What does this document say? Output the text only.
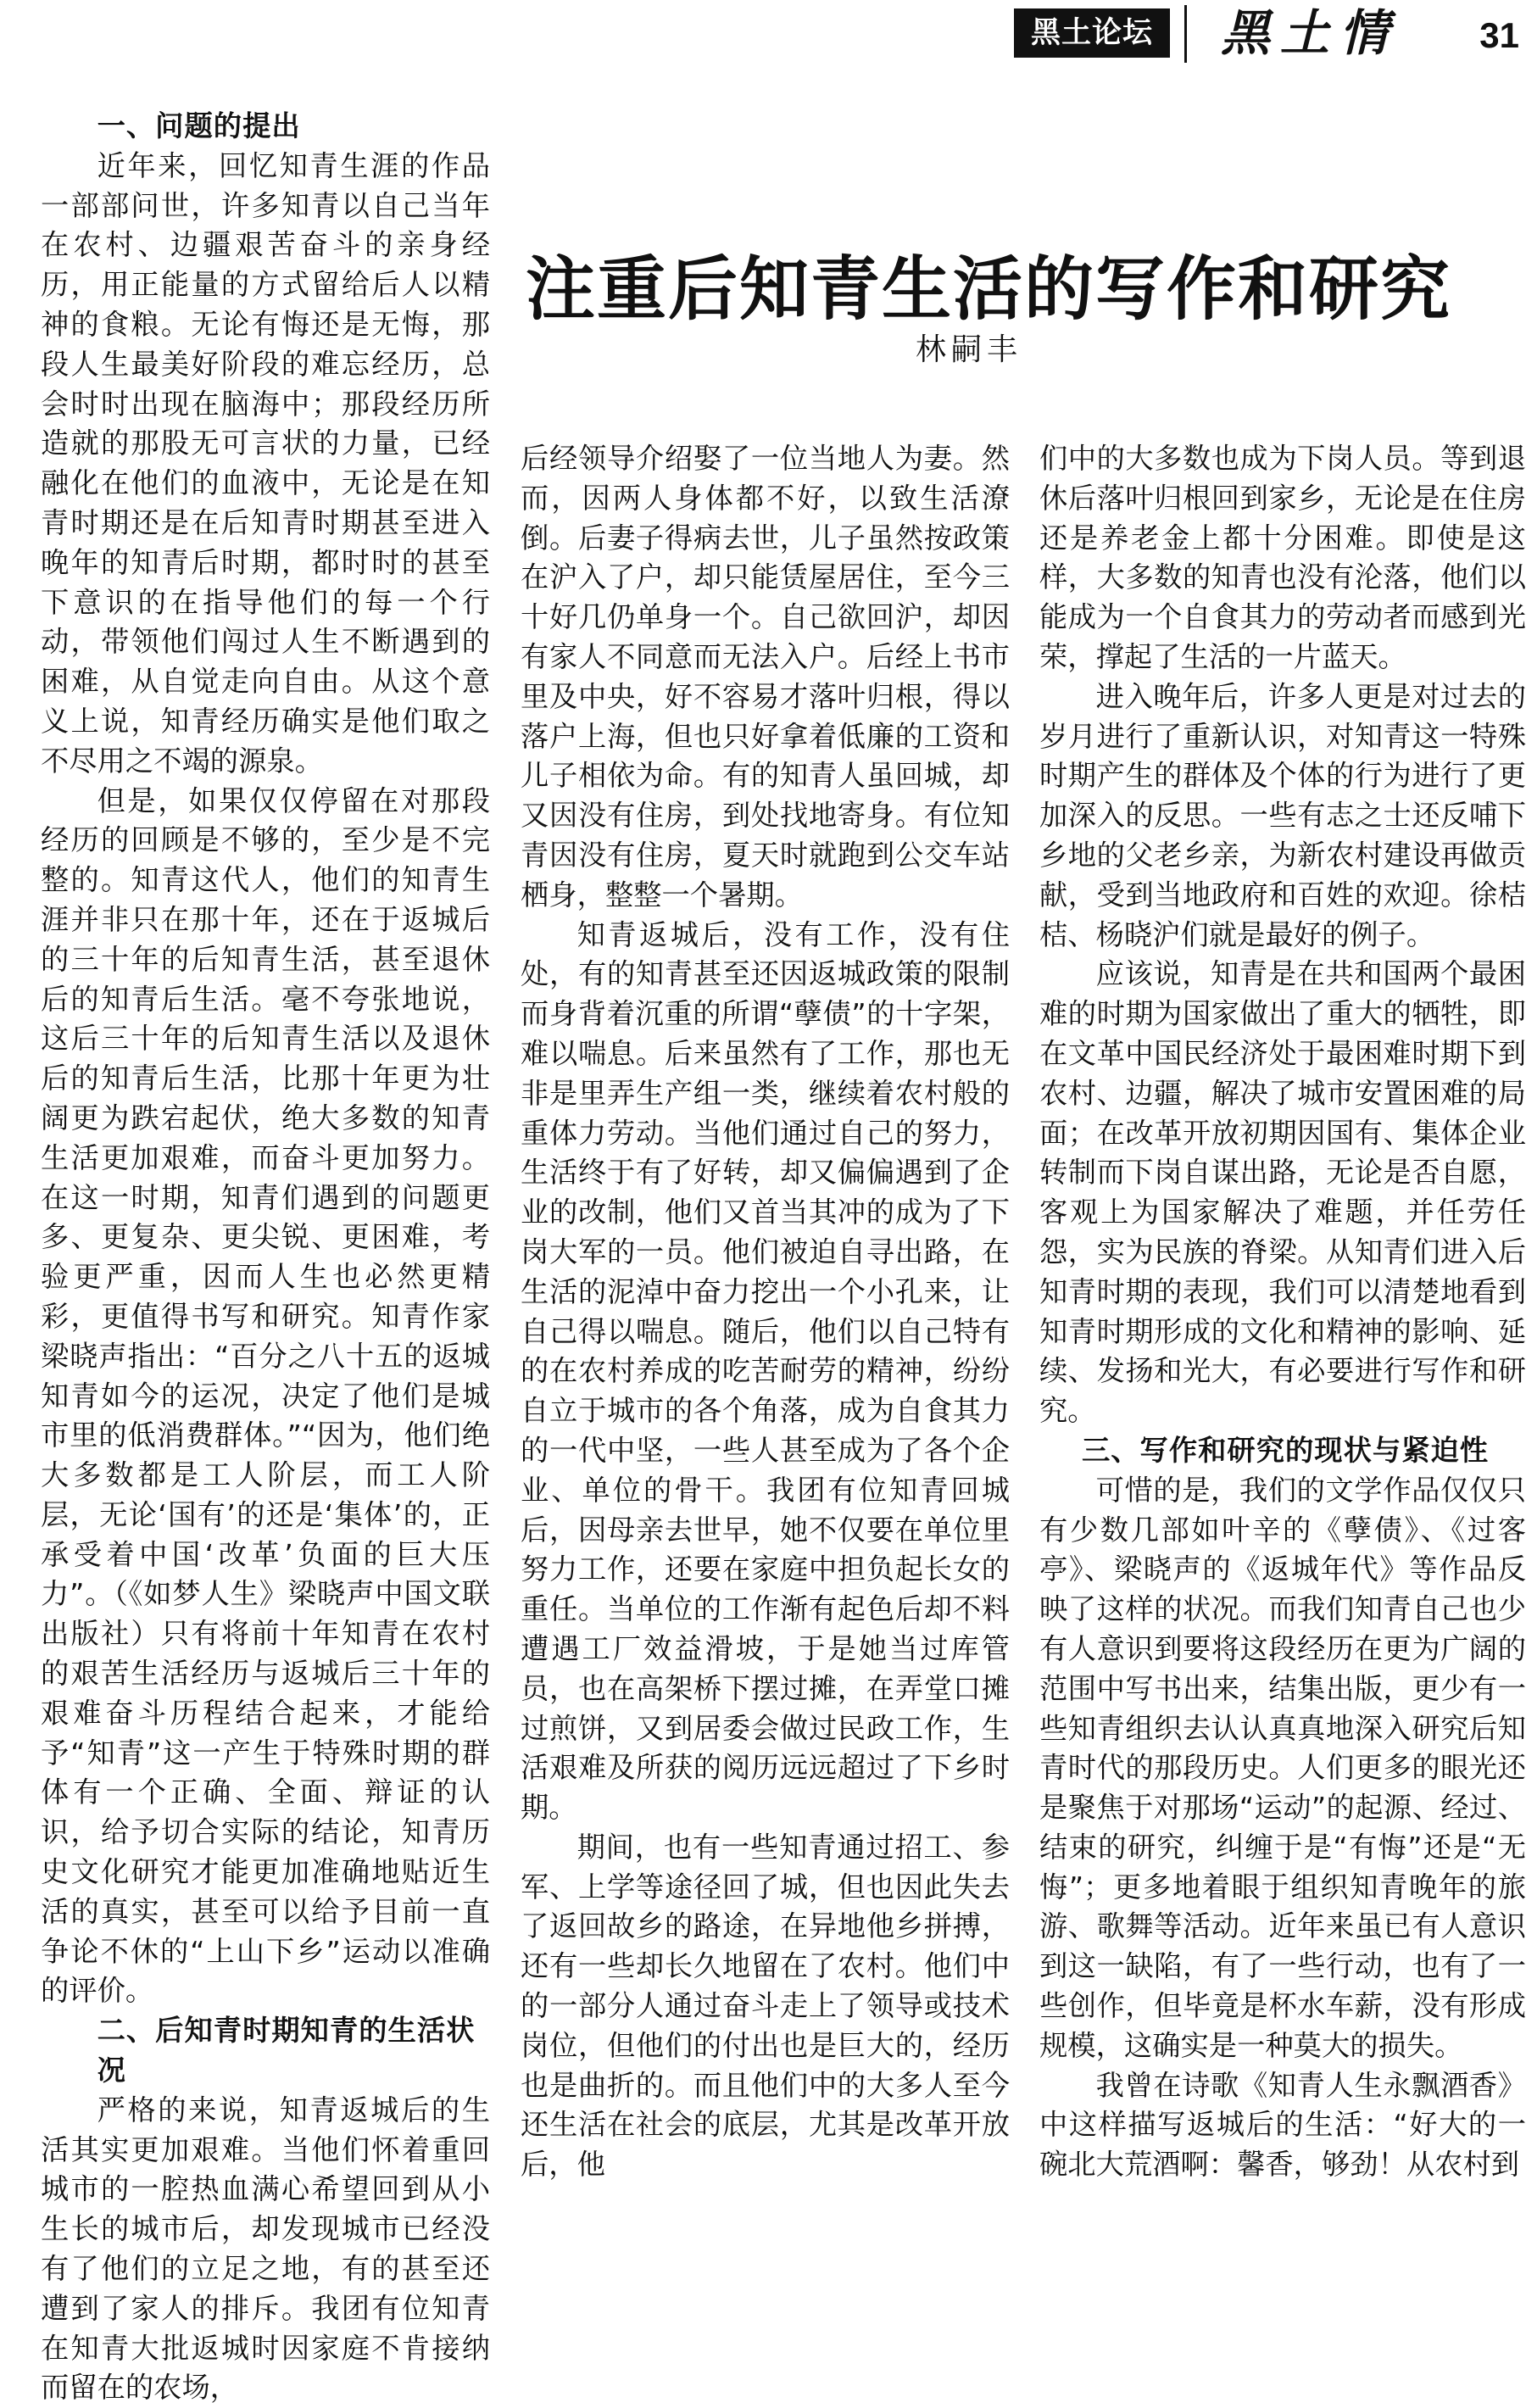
黑土论坛	黑土情	31
注重后知青生活的写作和研究
林嗣丰
一、问题的提出

近年来，回忆知青生涯的作品一部部问世，许多知青以自己当年在农村、边疆艰苦奋斗的亲身经历，用正能量的方式留给后人以精神的食粮。无论有悔还是无悔，那段人生最美好阶段的难忘经历，总会时时出现在脑海中；那段经历所造就的那股无可言状的力量，已经融化在他们的血液中，无论是在知青时期还是在后知青时期甚至进入晚年的知青后时期，都时时的甚至下意识的在指导他们的每一个行动，带领他们闯过人生不断遇到的困难，从自觉走向自由。从这个意义上说，知青经历确实是他们取之不尽用之不竭的源泉。

但是，如果仅仅停留在对那段经历的回顾是不够的，至少是不完整的。知青这代人，他们的知青生涯并非只在那十年，还在于返城后的三十年的后知青生活，甚至退休后的知青后生活。毫不夸张地说，这后三十年的后知青生活以及退休后的知青后生活，比那十年更为壮阔更为跌宕起伏，绝大多数的知青生活更加艰难，而奋斗更加努力。在这一时期，知青们遇到的问题更多、更复杂、更尖锐、更困难，考验更严重，因而人生也必然更精彩，更值得书写和研究。知青作家梁晓声指出：“百分之八十五的返城知青如今的运况，决定了他们是城市里的低消费群体。”“因为，他们绝大多数都是工人阶层，而工人阶层，无论‘国有’的还是‘集体’的，正承受着中国‘改革’负面的巨大压力”。（《如梦人生》梁晓声中国文联出版社）只有将前十年知青在农村的艰苦生活经历与返城后三十年的艰难奋斗历程结合起来，才能给予“知青”这一产生于特殊时期的群体有一个正确、全面、辩证的认识，给予切合实际的结论，知青历史文化研究才能更加准确地贴近生活的真实，甚至可以给予目前一直争论不休的“上山下乡”运动以准确的评价。

二、后知青时期知青的生活状况

严格的来说，知青返城后的生活其实更加艰难。当他们怀着重回城市的一腔热血满心希望回到从小生长的城市后，却发现城市已经没有了他们的立足之地，有的甚至还遭到了家人的排斥。我团有位知青在知青大批返城时因家庭不肯接纳而留在的农场，

后经领导介绍娶了一位当地人为妻。然而，因两人身体都不好，以致生活潦倒。后妻子得病去世，儿子虽然按政策在沪入了户，却只能赁屋居住，至今三十好几仍单身一个。自己欲回沪，却因有家人不同意而无法入户。后经上书市里及中央，好不容易才落叶归根，得以落户上海，但也只好拿着低廉的工资和儿子相依为命。有的知青人虽回城，却又因没有住房，到处找地寄身。有位知青因没有住房，夏天时就跑到公交车站栖身，整整一个暑期。

知青返城后，没有工作，没有住处，有的知青甚至还因返城政策的限制而身背着沉重的所谓“孽债”的十字架，难以喘息。后来虽然有了工作，那也无非是里弄生产组一类，继续着农村般的重体力劳动。当他们通过自己的努力，生活终于有了好转，却又偏偏遇到了企业的改制，他们又首当其冲的成为了下岗大军的一员。他们被迫自寻出路，在生活的泥淖中奋力挖出一个小孔来，让自己得以喘息。随后，他们以自己特有的在农村养成的吃苦耐劳的精神，纷纷自立于城市的各个角落，成为自食其力的一代中坚，一些人甚至成为了各个企业、单位的骨干。我团有位知青回城后，因母亲去世早，她不仅要在单位里努力工作，还要在家庭中担负起长女的重任。当单位的工作渐有起色后却不料遭遇工厂效益滑坡，于是她当过库管员，也在高架桥下摆过摊，在弄堂口摊过煎饼，又到居委会做过民政工作，生活艰难及所获的阅历远远超过了下乡时期。

期间，也有一些知青通过招工、参军、上学等途径回了城，但也因此失去了返回故乡的路途，在异地他乡拼搏，还有一些却长久地留在了农村。他们中的一部分人通过奋斗走上了领导或技术岗位，但他们的付出也是巨大的，经历也是曲折的。而且他们中的大多人至今还生活在社会的底层，尤其是改革开放后，他

们中的大多数也成为下岗人员。等到退休后落叶归根回到家乡，无论是在住房还是养老金上都十分困难。即使是这样，大多数的知青也没有沦落，他们以能成为一个自食其力的劳动者而感到光荣，撑起了生活的一片蓝天。

进入晚年后，许多人更是对过去的岁月进行了重新认识，对知青这一特殊时期产生的群体及个体的行为进行了更加深入的反思。一些有志之士还反哺下乡地的父老乡亲，为新农村建设再做贡献，受到当地政府和百姓的欢迎。徐桔桔、杨晓沪们就是最好的例子。

应该说，知青是在共和国两个最困难的时期为国家做出了重大的牺牲，即在文革中国民经济处于最困难时期下到农村、边疆，解决了城市安置困难的局面；在改革开放初期因国有、集体企业转制而下岗自谋出路，无论是否自愿，客观上为国家解决了难题，并任劳任怨，实为民族的脊梁。从知青们进入后知青时期的表现，我们可以清楚地看到知青时期形成的文化和精神的影响、延续、发扬和光大，有必要进行写作和研究。

三、写作和研究的现状与紧迫性

可惜的是，我们的文学作品仅仅只有少数几部如叶辛的《孽债》、《过客亭》、梁晓声的《返城年代》等作品反映了这样的状况。而我们知青自己也少有人意识到要将这段经历在更为广阔的范围中写书出来，结集出版，更少有一些知青组织去认认真真地深入研究后知青时代的那段历史。人们更多的眼光还是聚焦于对那场“运动”的起源、经过、结束的研究，纠缠于是“有悔”还是“无悔”；更多地着眼于组织知青晚年的旅游、歌舞等活动。近年来虽已有人意识到这一缺陷，有了一些行动，也有了一些创作，但毕竟是杯水车薪，没有形成规模，这确实是一种莫大的损失。

我曾在诗歌《知青人生永飘酒香》中这样描写返城后的生活：“好大的一碗北大荒酒啊：馨香，够劲！从农村到
